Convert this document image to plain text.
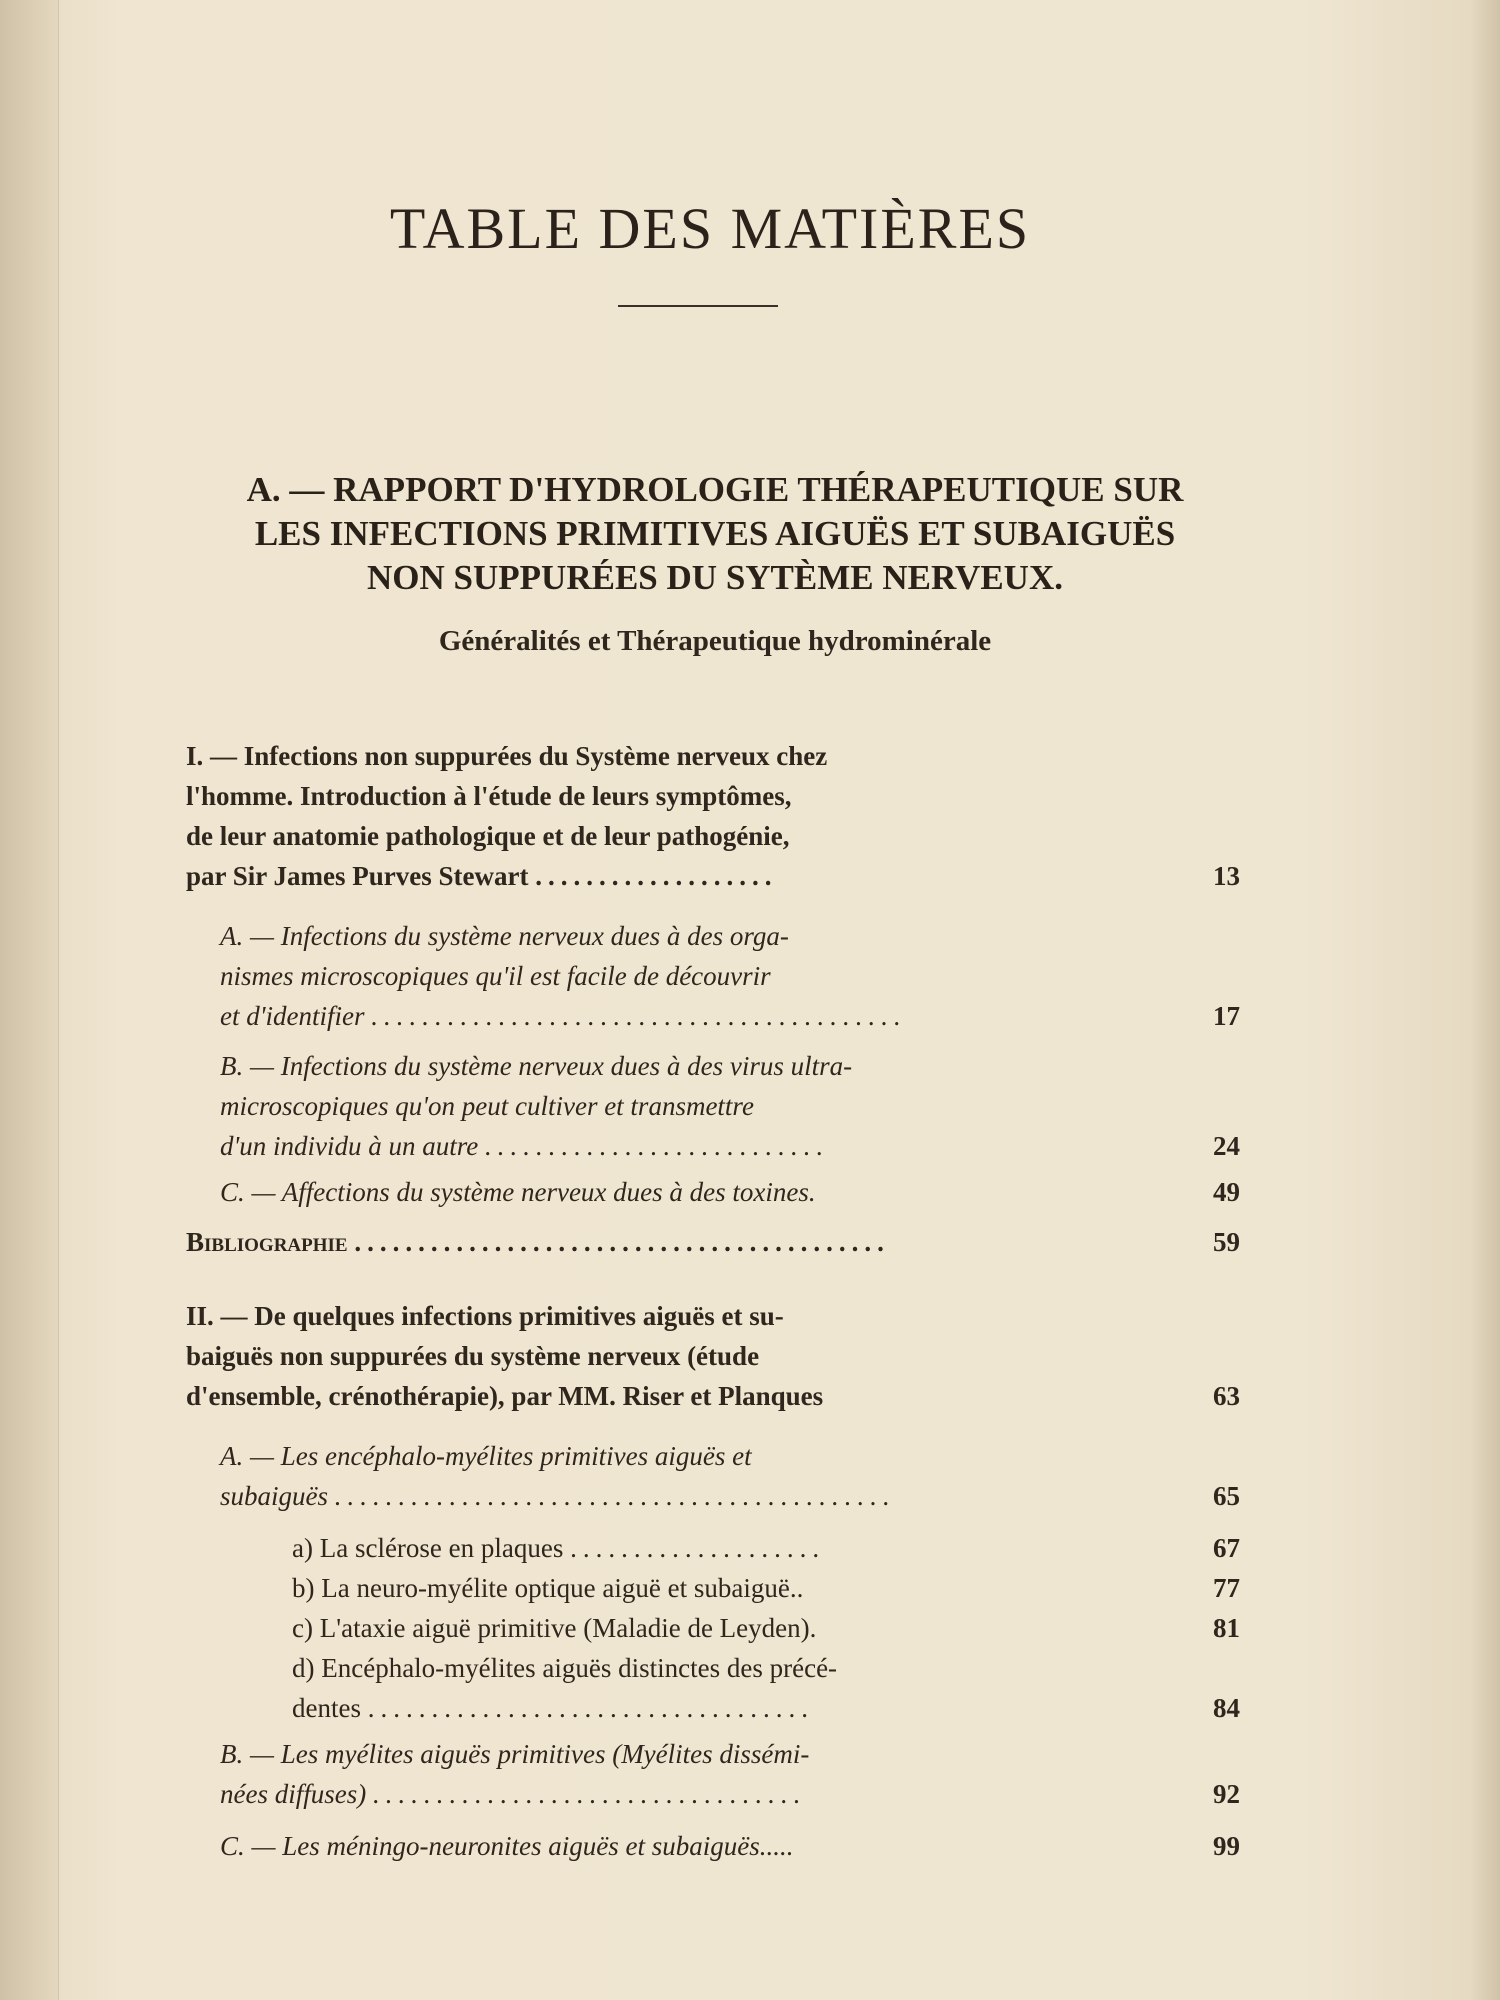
TABLE DES MATIÈRES
A. — RAPPORT D'HYDROLOGIE THÉRAPEUTIQUE SUR
LES INFECTIONS PRIMITIVES AIGUËS ET SUBAIGUËS
NON SUPPURÉES DU SYTÈME NERVEUX.
Généralités et Thérapeutique hydrominérale
I. — Infections non suppurées du Système nerveux chez
l'homme. Introduction à l'étude de leurs symptômes,
de leur anatomie pathologique et de leur pathogénie,
par Sir James Purves Stewart ...................	13
A. — Infections du système nerveux dues à des orga-
nismes microscopiques qu'il est facile de découvrir
et d'identifier ..........................................	17
B. — Infections du système nerveux dues à des virus ultra-
microscopiques qu'on peut cultiver et transmettre
d'un individu à un autre ...........................	24
C. — Affections du système nerveux dues à des toxines.	49
Bibliographie ..........................................	59
II. — De quelques infections primitives aiguës et su-
baiguës non suppurées du système nerveux (étude
d'ensemble, crénothérapie), par MM. Riser et Planques	63
A. — Les encéphalo-myélites primitives aiguës et
subaiguës ............................................	65
a) La sclérose en plaques ....................	67
b) La neuro-myélite optique aiguë et subaiguë..	77
c) L'ataxie aiguë primitive (Maladie de Leyden).	81
d) Encéphalo-myélites aiguës distinctes des précé-
dentes ...................................	84
B. — Les myélites aiguës primitives (Myélites dissémi-
nées diffuses) ..................................	92
C. — Les méningo-neuronites aiguës et subaiguës.....	99
